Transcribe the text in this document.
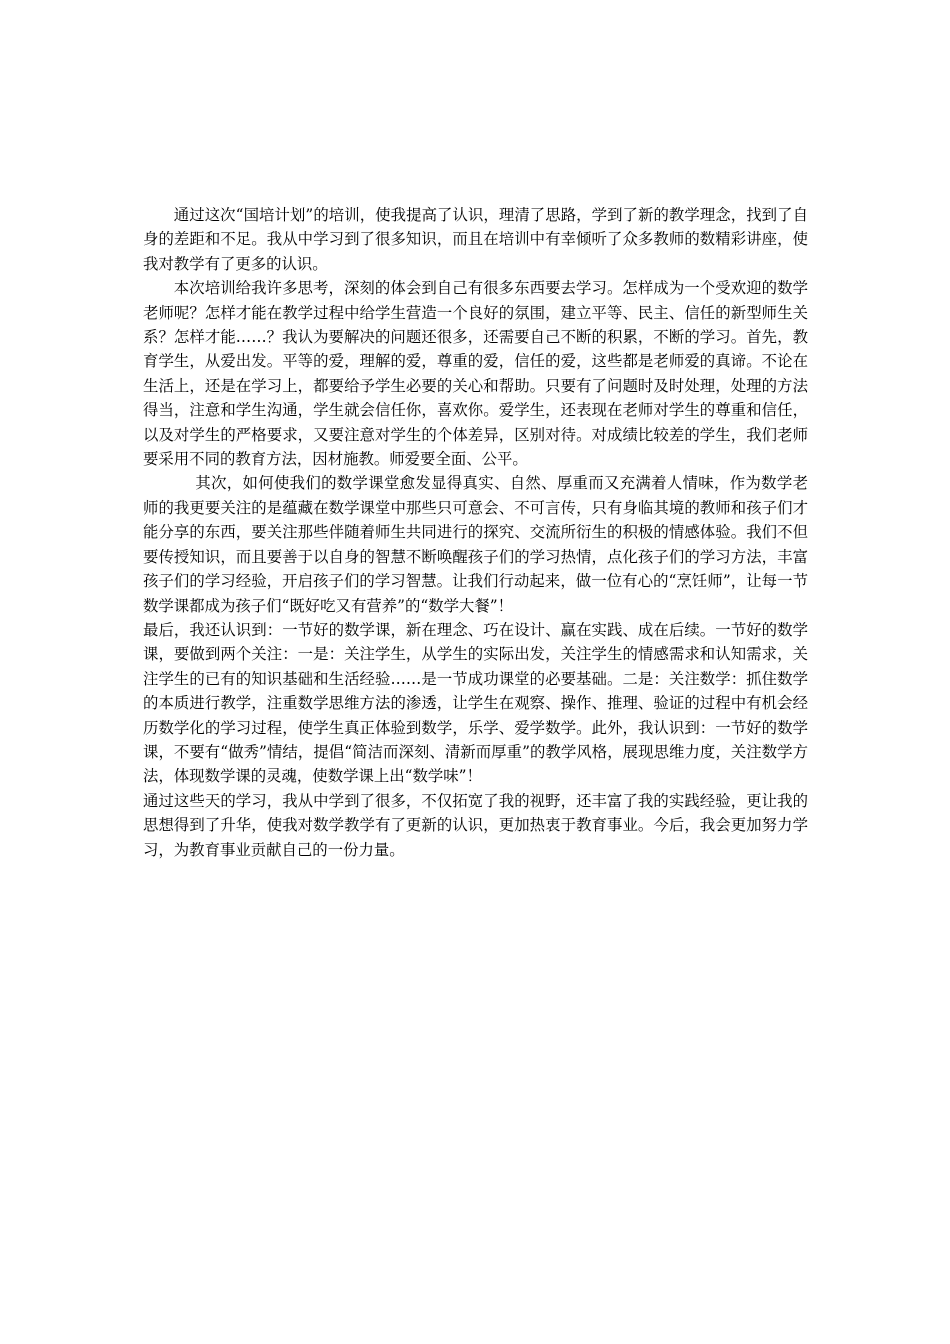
通过这次“国培计划”的培训，使我提高了认识，理清了思路，学到了新的教学理念，找到了自身的差距和不足。我从中学习到了很多知识，而且在培训中有幸倾听了众多教师的数精彩讲座，使我对教学有了更多的认识。

本次培训给我许多思考，深刻的体会到自己有很多东西要去学习。怎样成为一个受欢迎的数学老师呢？怎样才能在教学过程中给学生营造一个良好的氛围，建立平等、民主、信任的新型师生关系？怎样才能……？我认为要解决的问题还很多，还需要自己不断的积累，不断的学习。首先，教育学生，从爱出发。平等的爱，理解的爱，尊重的爱，信任的爱，这些都是老师爱的真谛。不论在生活上，还是在学习上，都要给予学生必要的关心和帮助。只要有了问题时及时处理，处理的方法得当，注意和学生沟通，学生就会信任你，喜欢你。爱学生，还表现在老师对学生的尊重和信任，以及对学生的严格要求，又要注意对学生的个体差异，区别对待。对成绩比较差的学生，我们老师要采用不同的教育方法，因材施教。师爱要全面、公平。

其次，如何使我们的数学课堂愈发显得真实、自然、厚重而又充满着人情味，作为数学老师的我更要关注的是蕴藏在数学课堂中那些只可意会、不可言传，只有身临其境的教师和孩子们才能分享的东西，要关注那些伴随着师生共同进行的探究、交流所衍生的积极的情感体验。我们不但要传授知识，而且要善于以自身的智慧不断唤醒孩子们的学习热情，点化孩子们的学习方法，丰富孩子们的学习经验，开启孩子们的学习智慧。让我们行动起来，做一位有心的“烹饪师”，让每一节数学课都成为孩子们“既好吃又有营养”的“数学大餐”！

最后，我还认识到：一节好的数学课，新在理念、巧在设计、赢在实践、成在后续。一节好的数学课，要做到两个关注：一是：关注学生，从学生的实际出发，关注学生的情感需求和认知需求，关注学生的已有的知识基础和生活经验……是一节成功课堂的必要基础。二是：关注数学：抓住数学的本质进行教学，注重数学思维方法的渗透，让学生在观察、操作、推理、验证的过程中有机会经历数学化的学习过程，使学生真正体验到数学，乐学、爱学数学。此外，我认识到：一节好的数学课，不要有“做秀”情结，提倡“简洁而深刻、清新而厚重”的教学风格，展现思维力度，关注数学方法，体现数学课的灵魂，使数学课上出“数学味”！

通过这些天的学习，我从中学到了很多，不仅拓宽了我的视野，还丰富了我的实践经验，更让我的思想得到了升华，使我对数学教学有了更新的认识，更加热衷于教育事业。今后，我会更加努力学习，为教育事业贡献自己的一份力量。
